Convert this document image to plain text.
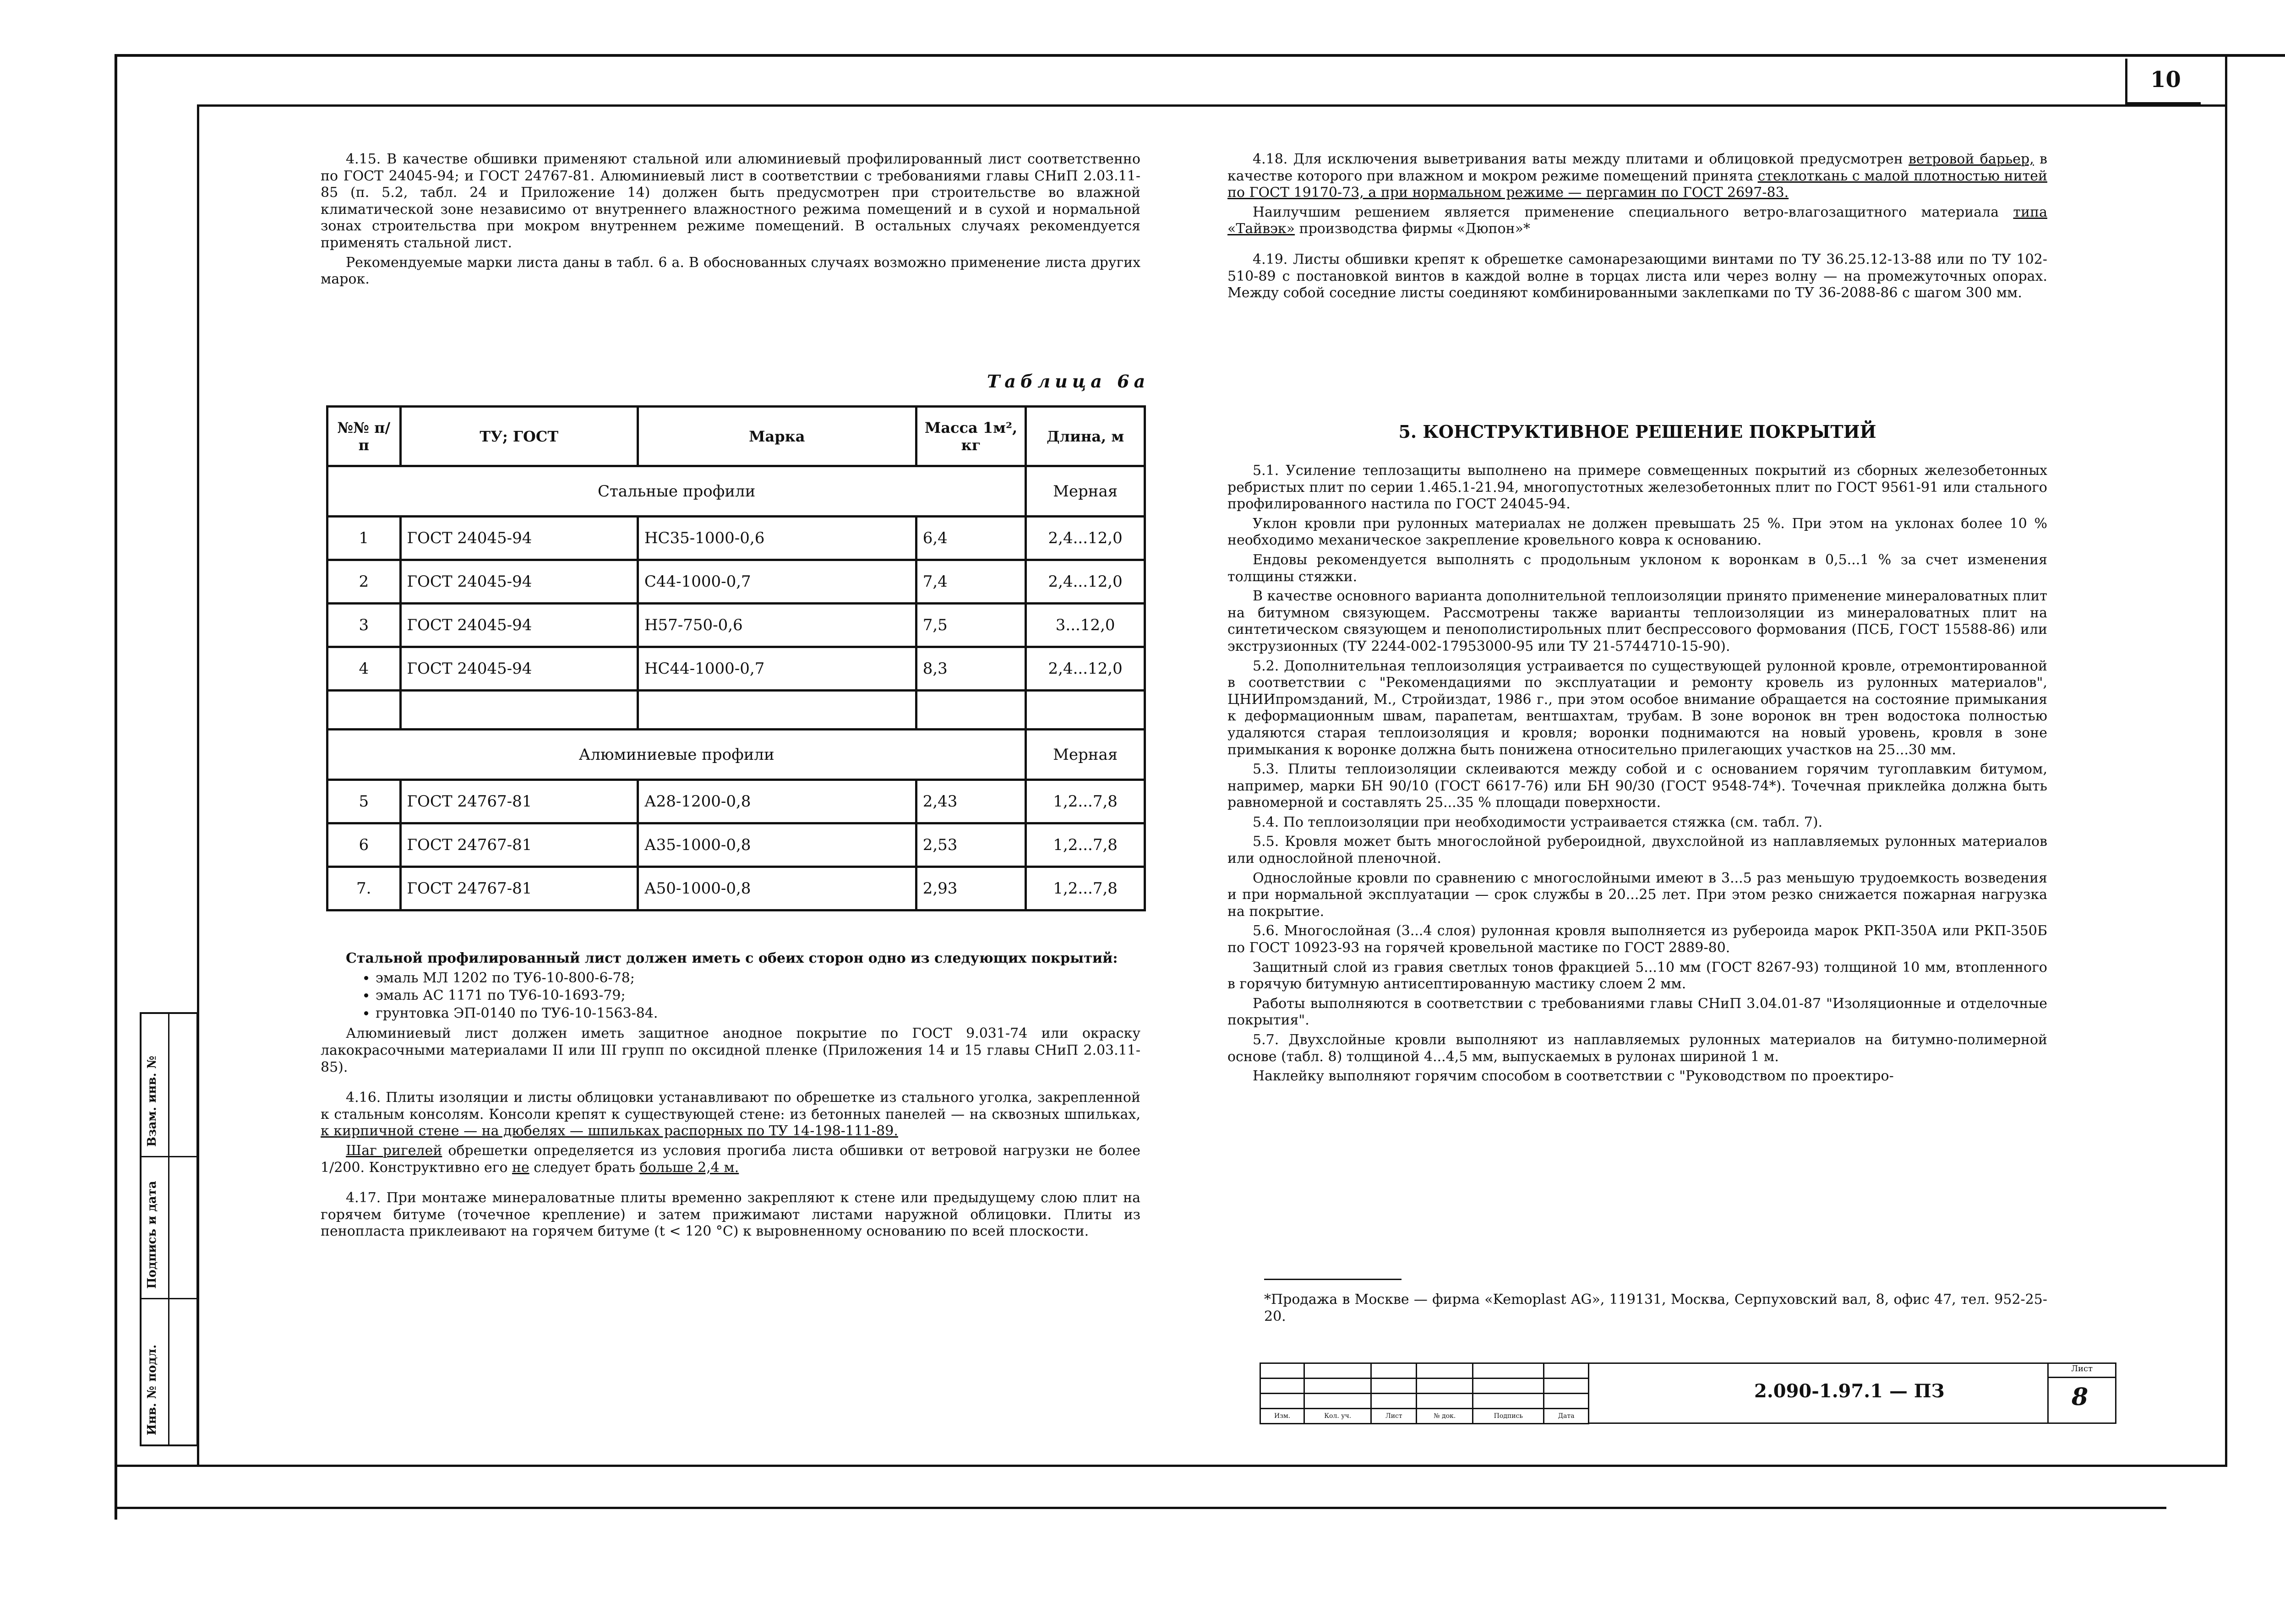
10
Инв. № подл.
Подпись и дата
Взам. инв. №

4.15. В качестве обшивки применяют стальной или алюминиевый профилированный лист соответственно по ГОСТ 24045-94; и ГОСТ 24767-81. Алюминиевый лист в соответствии с требованиями главы СНиП 2.03.11-85 (п. 5.2, табл. 24 и Приложение 14) должен быть предусмотрен при строительстве во влажной климатической зоне независимо от внутреннего влажностного режима помещений и в сухой и нормальной зонах строительства при мокром внутреннем режиме помещений. В остальных случаях рекомендуется применять стальной лист.

Рекомендуемые марки листа даны в табл. 6 а. В обоснованных случаях возможно применение листа других марок.

Таблица 6а
№№ п/п	ТУ; ГОСТ	Марка	Масса 1м², кг	Длина, м
Стальные профили				Мерная
1	ГОСТ 24045-94	НС35-1000-0,6	6,4	2,4...12,0
2	ГОСТ 24045-94	С44-1000-0,7	7,4	2,4...12,0
3	ГОСТ 24045-94	Н57-750-0,6	7,5	3...12,0
4	ГОСТ 24045-94	НС44-1000-0,7	8,3	2,4...12,0

Алюминиевые профили				Мерная
5	ГОСТ 24767-81	А28-1200-0,8	2,43	1,2...7,8
6	ГОСТ 24767-81	А35-1000-0,8	2,53	1,2...7,8
7.	ГОСТ 24767-81	А50-1000-0,8	2,93	1,2...7,8

Стальной профилированный лист должен иметь с обеих сторон одно из следующих покрытий:

• эмаль МЛ 1202 по ТУ6-10-800-6-78;
• эмаль АС 1171 по ТУ6-10-1693-79;
• грунтовка ЭП-0140 по ТУ6-10-1563-84.

Алюминиевый лист должен иметь защитное анодное покрытие по ГОСТ 9.031-74 или окраску лакокрасочными материалами II или III групп по оксидной пленке (Приложения 14 и 15 главы СНиП 2.03.11-85).

4.16. Плиты изоляции и листы облицовки устанавливают по обрешетке из стального уголка, закрепленной к стальным консолям. Консоли крепят к существующей стене: из бетонных панелей — на сквозных шпильках, к кирпичной стене — на дюбелях — шпильках распорных по ТУ 14-198-111-89.

Шаг ригелей обрешетки определяется из условия прогиба листа обшивки от ветровой нагрузки не более 1/200. Конструктивно его не следует брать больше 2,4 м.

4.17. При монтаже минераловатные плиты временно закрепляют к стене или предыдущему слою плит на горячем битуме (точечное крепление) и затем прижимают листами наружной облицовки. Плиты из пенопласта приклеивают на горячем битуме (t < 120 °С) к выровненному основанию по всей плоскости.

4.18. Для исключения выветривания ваты между плитами и облицовкой предусмотрен ветровой барьер, в качестве которого при влажном и мокром режиме помещений принята стеклоткань с малой плотностью нитей по ГОСТ 19170-73, а при нормальном режиме — пергамин по ГОСТ 2697-83.

Наилучшим решением является применение специального ветро-влагозащитного материала типа «Тайвэк» производства фирмы «Дюпон»*

4.19. Листы обшивки крепят к обрешетке самонарезающими винтами по ТУ 36.25.12-13-88 или по ТУ 102-510-89 с постановкой винтов в каждой волне в торцах листа или через волну — на промежуточных опорах. Между собой соседние листы соединяют комбинированными заклепками по ТУ 36-2088-86 с шагом 300 мм.

5. КОНСТРУКТИВНОЕ РЕШЕНИЕ ПОКРЫТИЙ

5.1. Усиление теплозащиты выполнено на примере совмещенных покрытий из сборных железобетонных ребристых плит по серии 1.465.1-21.94, многопустотных железобетонных плит по ГОСТ 9561-91 или стального профилированного настила по ГОСТ 24045-94.

Уклон кровли при рулонных материалах не должен превышать 25 %. При этом на уклонах более 10 % необходимо механическое закрепление кровельного ковра к основанию.

Ендовы рекомендуется выполнять с продольным уклоном к воронкам в 0,5...1 % за счет изменения толщины стяжки.

В качестве основного варианта дополнительной теплоизоляции принято применение минераловатных плит на битумном связующем. Рассмотрены также варианты теплоизоляции из минераловатных плит на синтетическом связующем и пенополистирольных плит беспрессового формования (ПСБ, ГОСТ 15588-86) или экструзионных (ТУ 2244-002-17953000-95 или ТУ 21-5744710-15-90).

5.2. Дополнительная теплоизоляция устраивается по существующей рулонной кровле, отремонтированной в соответствии с "Рекомендациями по эксплуатации и ремонту кровель из рулонных материалов", ЦНИИпромзданий, М., Стройиздат, 1986 г., при этом особое внимание обращается на состояние примыкания к деформационным швам, парапетам, вентшахтам, трубам. В зоне воронок вн трен водостока полностью удаляются старая теплоизоляция и кровля; воронки поднимаются на новый уровень, кровля в зоне примыкания к воронке должна быть понижена относительно прилегающих участков на 25...30 мм.

5.3. Плиты теплоизоляции склеиваются между собой и с основанием горячим тугоплавким битумом, например, марки БН 90/10 (ГОСТ 6617-76) или БН 90/30 (ГОСТ 9548-74*). Точечная приклейка должна быть равномерной и составлять 25...35 % площади поверхности.

5.4. По теплоизоляции при необходимости устраивается стяжка (см. табл. 7).

5.5. Кровля может быть многослойной рубероидной, двухслойной из наплавляемых рулонных материалов или однослойной пленочной.

Однослойные кровли по сравнению с многослойными имеют в 3...5 раз меньшую трудоемкость возведения и при нормальной эксплуатации — срок службы в 20...25 лет. При этом резко снижается пожарная нагрузка на покрытие.

5.6. Многослойная (3...4 слоя) рулонная кровля выполняется из рубероида марок РКП-350А или РКП-350Б по ГОСТ 10923-93 на горячей кровельной мастике по ГОСТ 2889-80.

Защитный слой из гравия светлых тонов фракцией 5...10 мм (ГОСТ 8267-93) толщиной 10 мм, втопленного в горячую битумную антисептированную мастику слоем 2 мм.

Работы выполняются в соответствии с требованиями главы СНиП 3.04.01-87 "Изоляционные и отделочные покрытия".

5.7. Двухслойные кровли выполняют из наплавляемых рулонных материалов на битумно-полимерной основе (табл. 8) толщиной 4...4,5 мм, выпускаемых в рулонах шириной 1 м.

Наклейку выполняют горячим способом в соответствии с "Руководством по проектиро-

*Продажа в Москве — фирма «Kemoplast AG», 119131, Москва, Серпуховский вал, 8, офис 47, тел. 952-25-20.

Изм.	Кол. уч.	Лист	№ док.	Подпись	Дата
2.090-1.97.1 — ПЗ
Лист
8
